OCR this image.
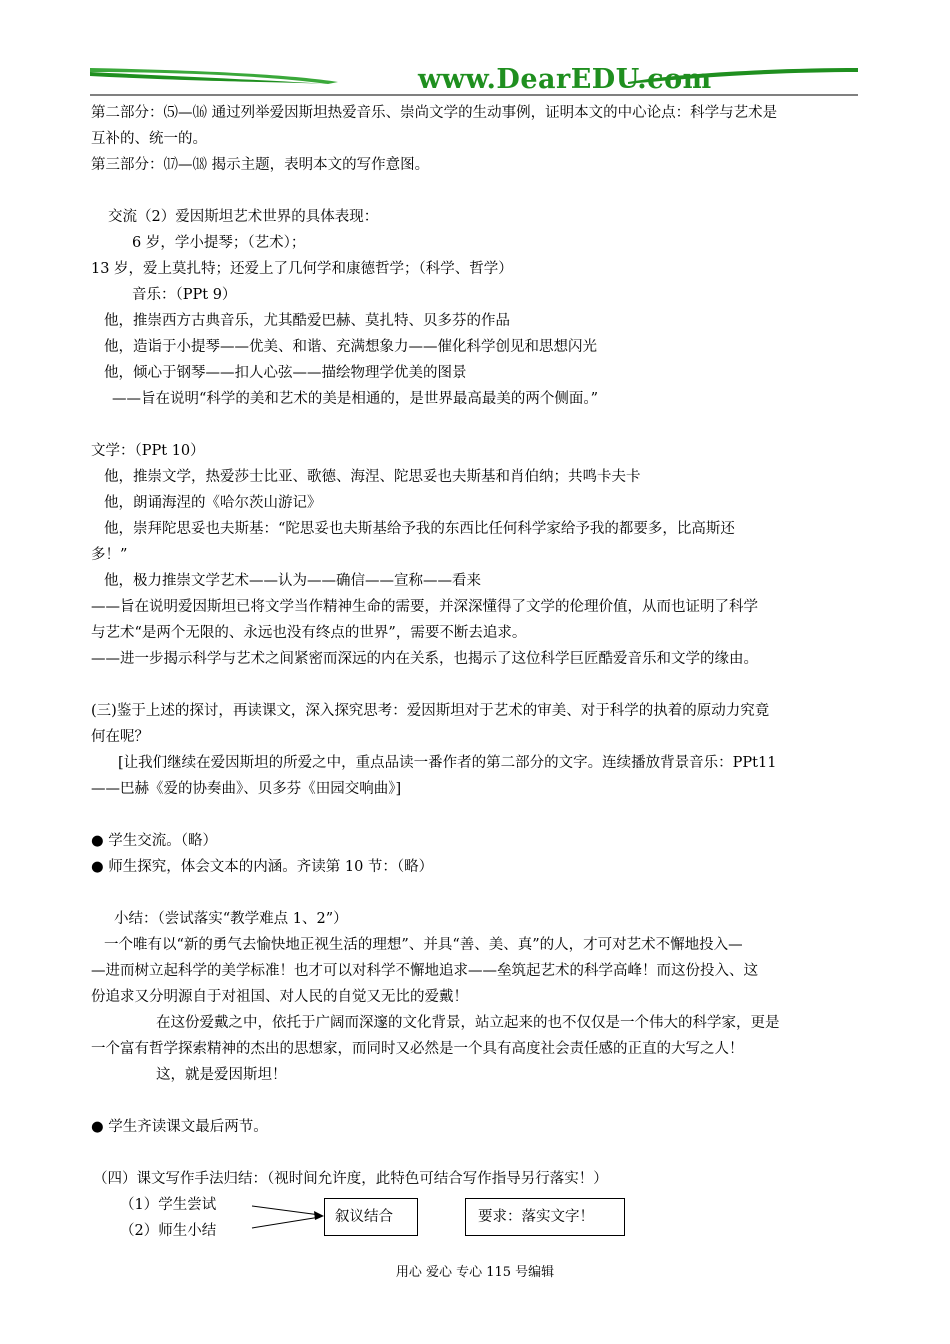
www.DearEDU.com
第二部分：⑸—⒃ 通过列举爱因斯坦热爱音乐、崇尚文学的生动事例，证明本文的中心论点：科学与艺术是
互补的、统一的。
第三部分：⒄—⒅ 揭示主题，表明本文的写作意图。
交流（2）爱因斯坦艺术世界的具体表现：
6 岁，学小提琴；（艺术）；
13 岁，爱上莫扎特；还爱上了几何学和康德哲学；（科学、哲学）
音乐：（PPt 9）
他，推崇西方古典音乐，尤其酷爱巴赫、莫扎特、贝多芬的作品
他，造诣于小提琴——优美、和谐、充满想象力——催化科学创见和思想闪光
他，倾心于钢琴——扣人心弦——描绘物理学优美的图景
——旨在说明“科学的美和艺术的美是相通的，是世界最高最美的两个侧面。”
文学：（PPt 10）
他，推崇文学，热爱莎士比亚、歌德、海涅、陀思妥也夫斯基和肖伯纳；共鸣卡夫卡
他，朗诵海涅的《哈尔茨山游记》
他，崇拜陀思妥也夫斯基：“陀思妥也夫斯基给予我的东西比任何科学家给予我的都要多，比高斯还
多！”
他，极力推崇文学艺术——认为——确信——宣称——看来
——旨在说明爱因斯坦已将文学当作精神生命的需要，并深深懂得了文学的伦理价值，从而也证明了科学
与艺术“是两个无限的、永远也没有终点的世界”，需要不断去追求。
——进一步揭示科学与艺术之间紧密而深远的内在关系，也揭示了这位科学巨匠酷爱音乐和文学的缘由。
(三)鉴于上述的探讨，再读课文，深入探究思考：爱因斯坦对于艺术的审美、对于科学的执着的原动力究竟
何在呢？
[让我们继续在爱因斯坦的所爱之中，重点品读一番作者的第二部分的文字。连续播放背景音乐：PPt11
——巴赫《爱的协奏曲》、贝多芬《田园交响曲》]
● 学生交流。（略）
● 师生探究，体会文本的内涵。齐读第 10 节：（略）
小结：（尝试落实“教学难点 1、2”）
一个唯有以“新的勇气去愉快地正视生活的理想”、并具“善、美、真”的人，才可对艺术不懈地投入—
—进而树立起科学的美学标准！也才可以对科学不懈地追求——垒筑起艺术的科学高峰！而这份投入、这
份追求又分明源自于对祖国、对人民的自觉又无比的爱戴！
在这份爱戴之中，依托于广阔而深邃的文化背景，站立起来的也不仅仅是一个伟大的科学家，更是
一个富有哲学探索精神的杰出的思想家，而同时又必然是一个具有高度社会责任感的正直的大写之人！
这，就是爱因斯坦！
● 学生齐读课文最后两节。
（四）课文写作手法归结：（视时间允许度，此特色可结合写作指导另行落实！）
（1）学生尝试
（2）师生小结
叙议结合	要求：落实文字！
用心 爱心 专心 115 号编辑
